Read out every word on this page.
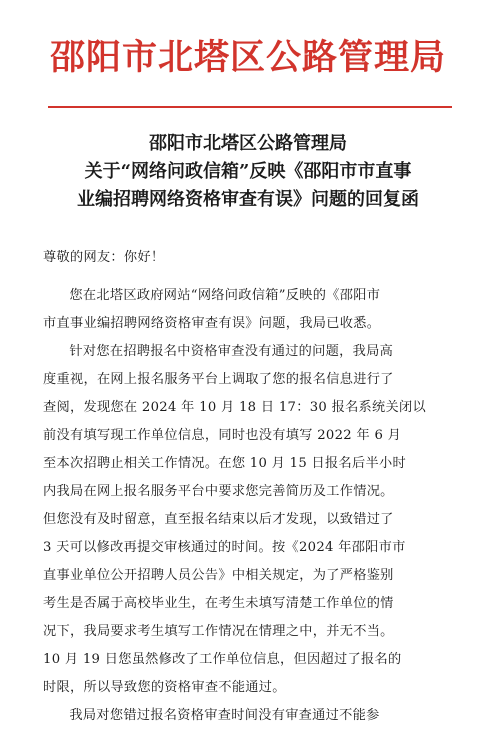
邵阳市北塔区公路管理局
邵阳市北塔区公路管理局
关于“网络问政信箱”反映《邵阳市市直事
业编招聘网络资格审查有误》问题的回复函
尊敬的网友：你好！
您在北塔区政府网站“网络问政信箱”反映的《邵阳市
市直事业编招聘网络资格审查有误》问题，我局已收悉。
针对您在招聘报名中资格审查没有通过的问题，我局高
度重视，在网上报名服务平台上调取了您的报名信息进行了
查阅，发现您在 2024 年 10 月 18 日 17：30 报名系统关闭以
前没有填写现工作单位信息，同时也没有填写 2022 年 6 月
至本次招聘止相关工作情况。在您 10 月 15 日报名后半小时
内我局在网上报名服务平台中要求您完善简历及工作情况。
但您没有及时留意，直至报名结束以后才发现，以致错过了
3 天可以修改再提交审核通过的时间。按《2024 年邵阳市市
直事业单位公开招聘人员公告》中相关规定，为了严格鉴别
考生是否属于高校毕业生，在考生未填写清楚工作单位的情
况下，我局要求考生填写工作情况在情理之中，并无不当。
10 月 19 日您虽然修改了工作单位信息，但因超过了报名的
时限，所以导致您的资格审查不能通过。
我局对您错过报名资格审查时间没有审查通过不能参
